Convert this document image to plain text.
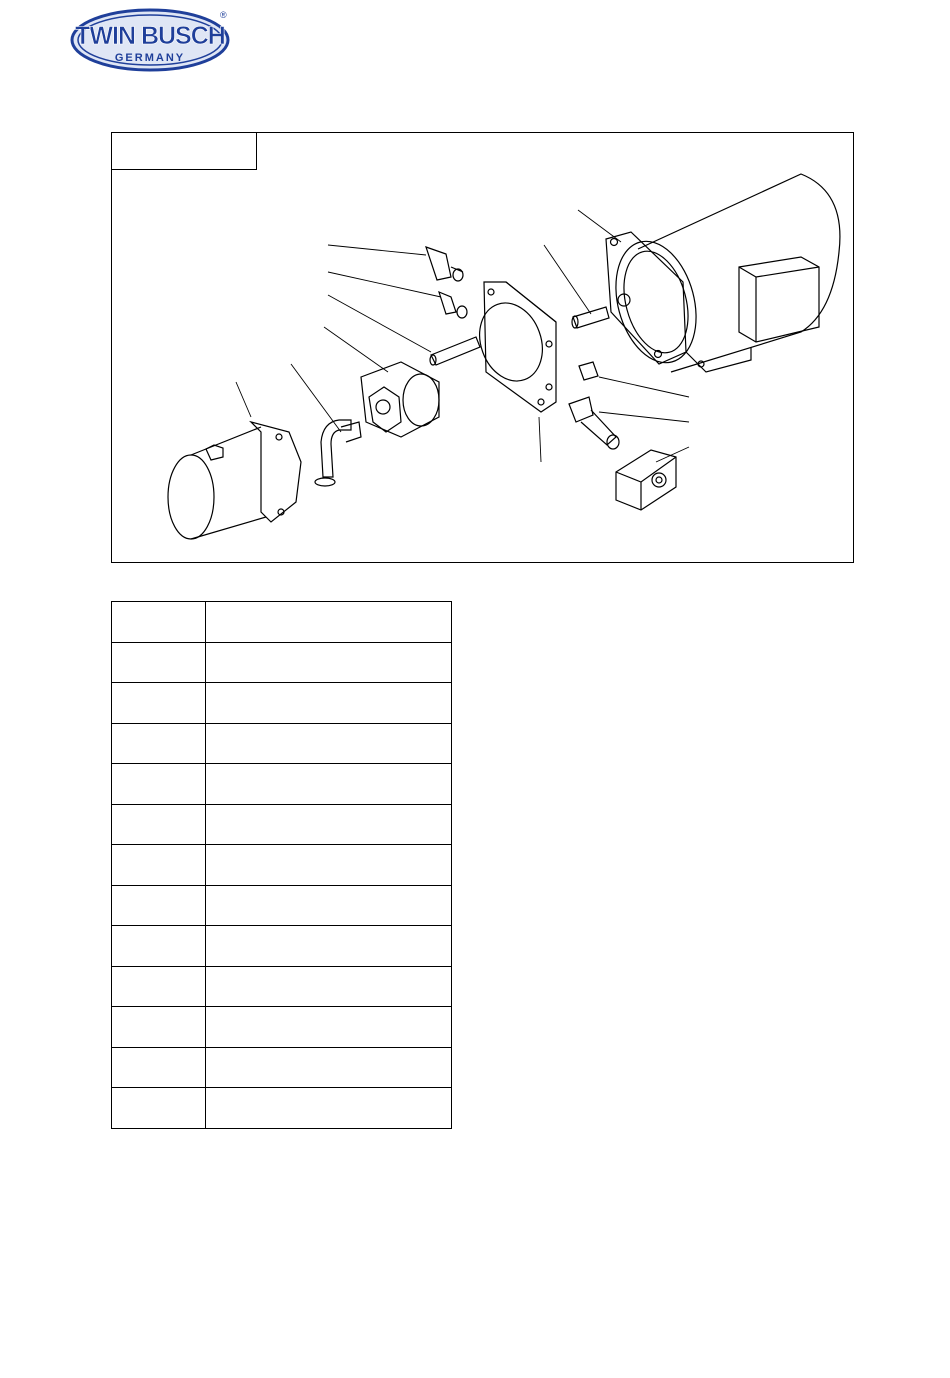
TWIN BUSCH
GERMANY
®
